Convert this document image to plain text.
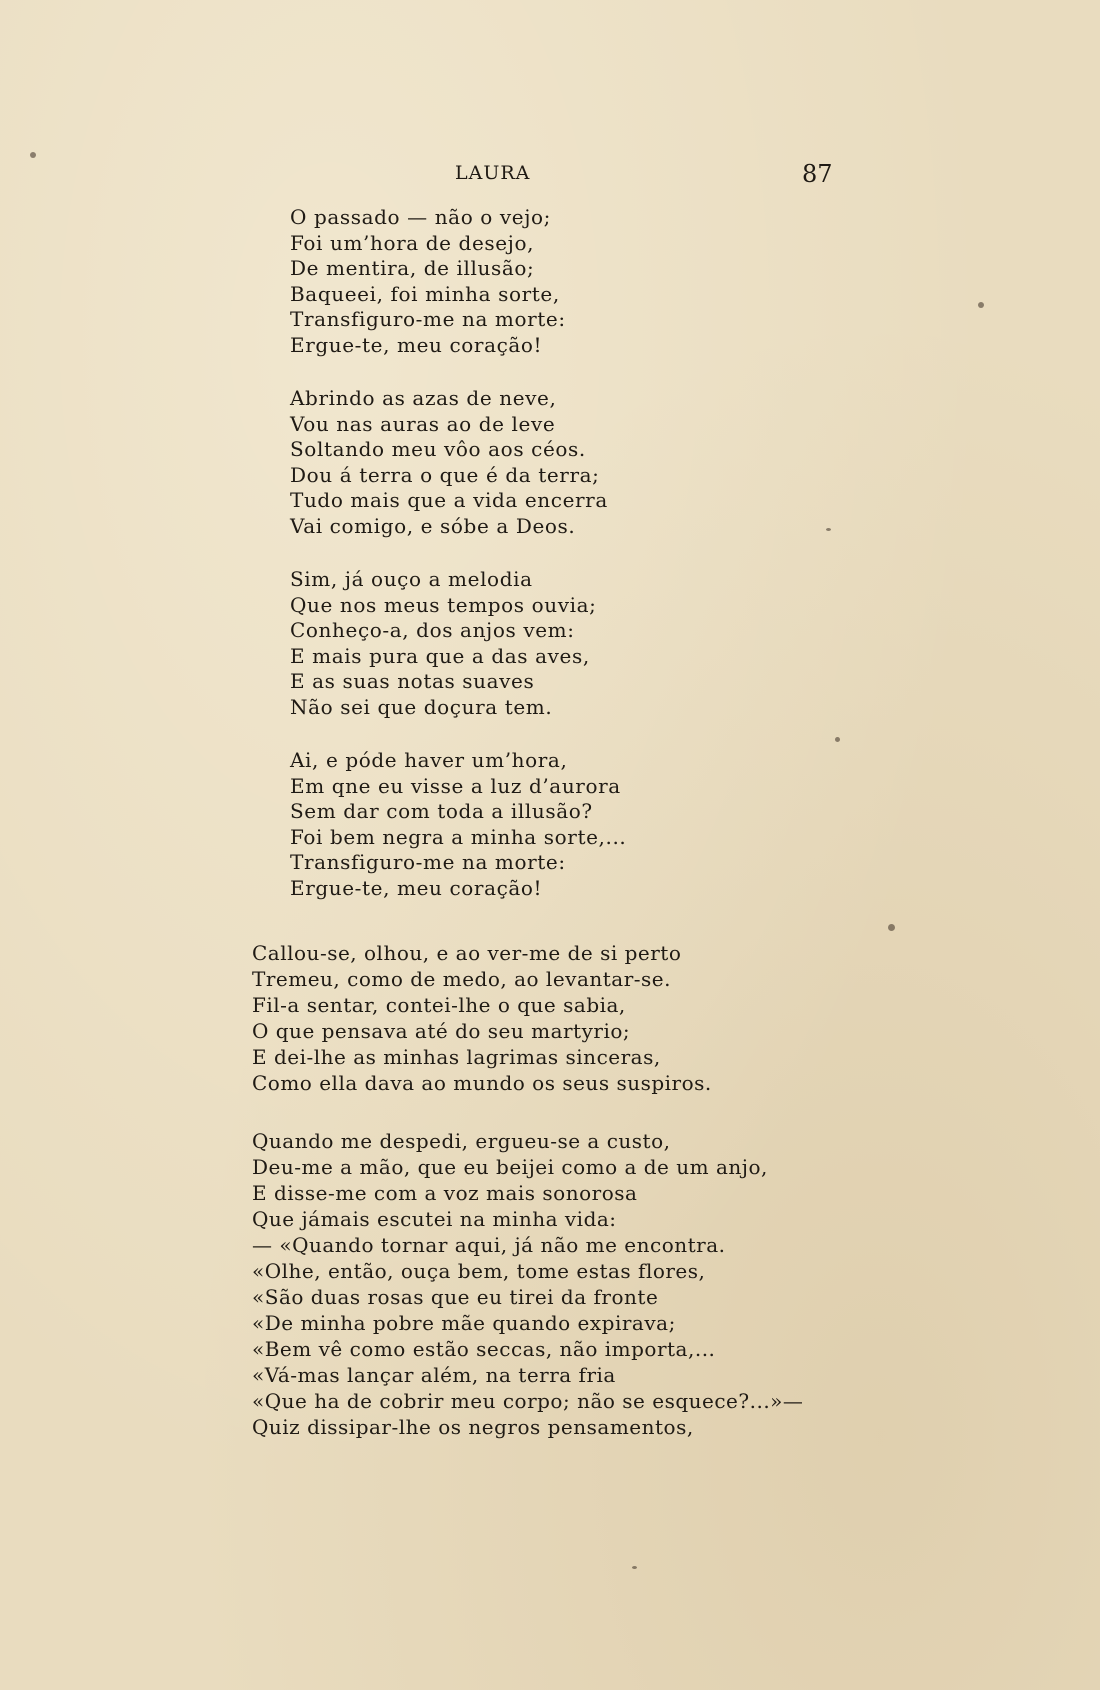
LAURA	87
O passado — não o vejo;
Foi um’hora de desejo,
De mentira, de illusão;
Baqueei, foi minha sorte,
Transfiguro-me na morte:
Ergue-te, meu coração!
Abrindo as azas de neve,
Vou nas auras ao de leve
Soltando meu vôo aos céos.
Dou á terra o que é da terra;
Tudo mais que a vida encerra
Vai comigo, e sóbe a Deos.
Sim, já ouço a melodia
Que nos meus tempos ouvia;
Conheço-a, dos anjos vem:
E mais pura que a das aves,
E as suas notas suaves
Não sei que doçura tem.
Ai, e póde haver um’hora,
Em qne eu visse a luz d’aurora
Sem dar com toda a illusão?
Foi bem negra a minha sorte,...
Transfiguro-me na morte:
Ergue-te, meu coração!
Callou-se, olhou, e ao ver-me de si perto
Tremeu, como de medo, ao levantar-se.
Fil-a sentar, contei-lhe o que sabia,
O que pensava até do seu martyrio;
E dei-lhe as minhas lagrimas sinceras,
Como ella dava ao mundo os seus suspiros.
Quando me despedi, ergueu-se a custo,
Deu-me a mão, que eu beijei como a de um anjo,
E disse-me com a voz mais sonorosa
Que jámais escutei na minha vida:
— «Quando tornar aqui, já não me encontra.
«Olhe, então, ouça bem, tome estas flores,
«São duas rosas que eu tirei da fronte
«De minha pobre mãe quando expirava;
«Bem vê como estão seccas, não importa,...
«Vá-mas lançar além, na terra fria
«Que ha de cobrir meu corpo; não se esquece?...»—
Quiz dissipar-lhe os negros pensamentos,
